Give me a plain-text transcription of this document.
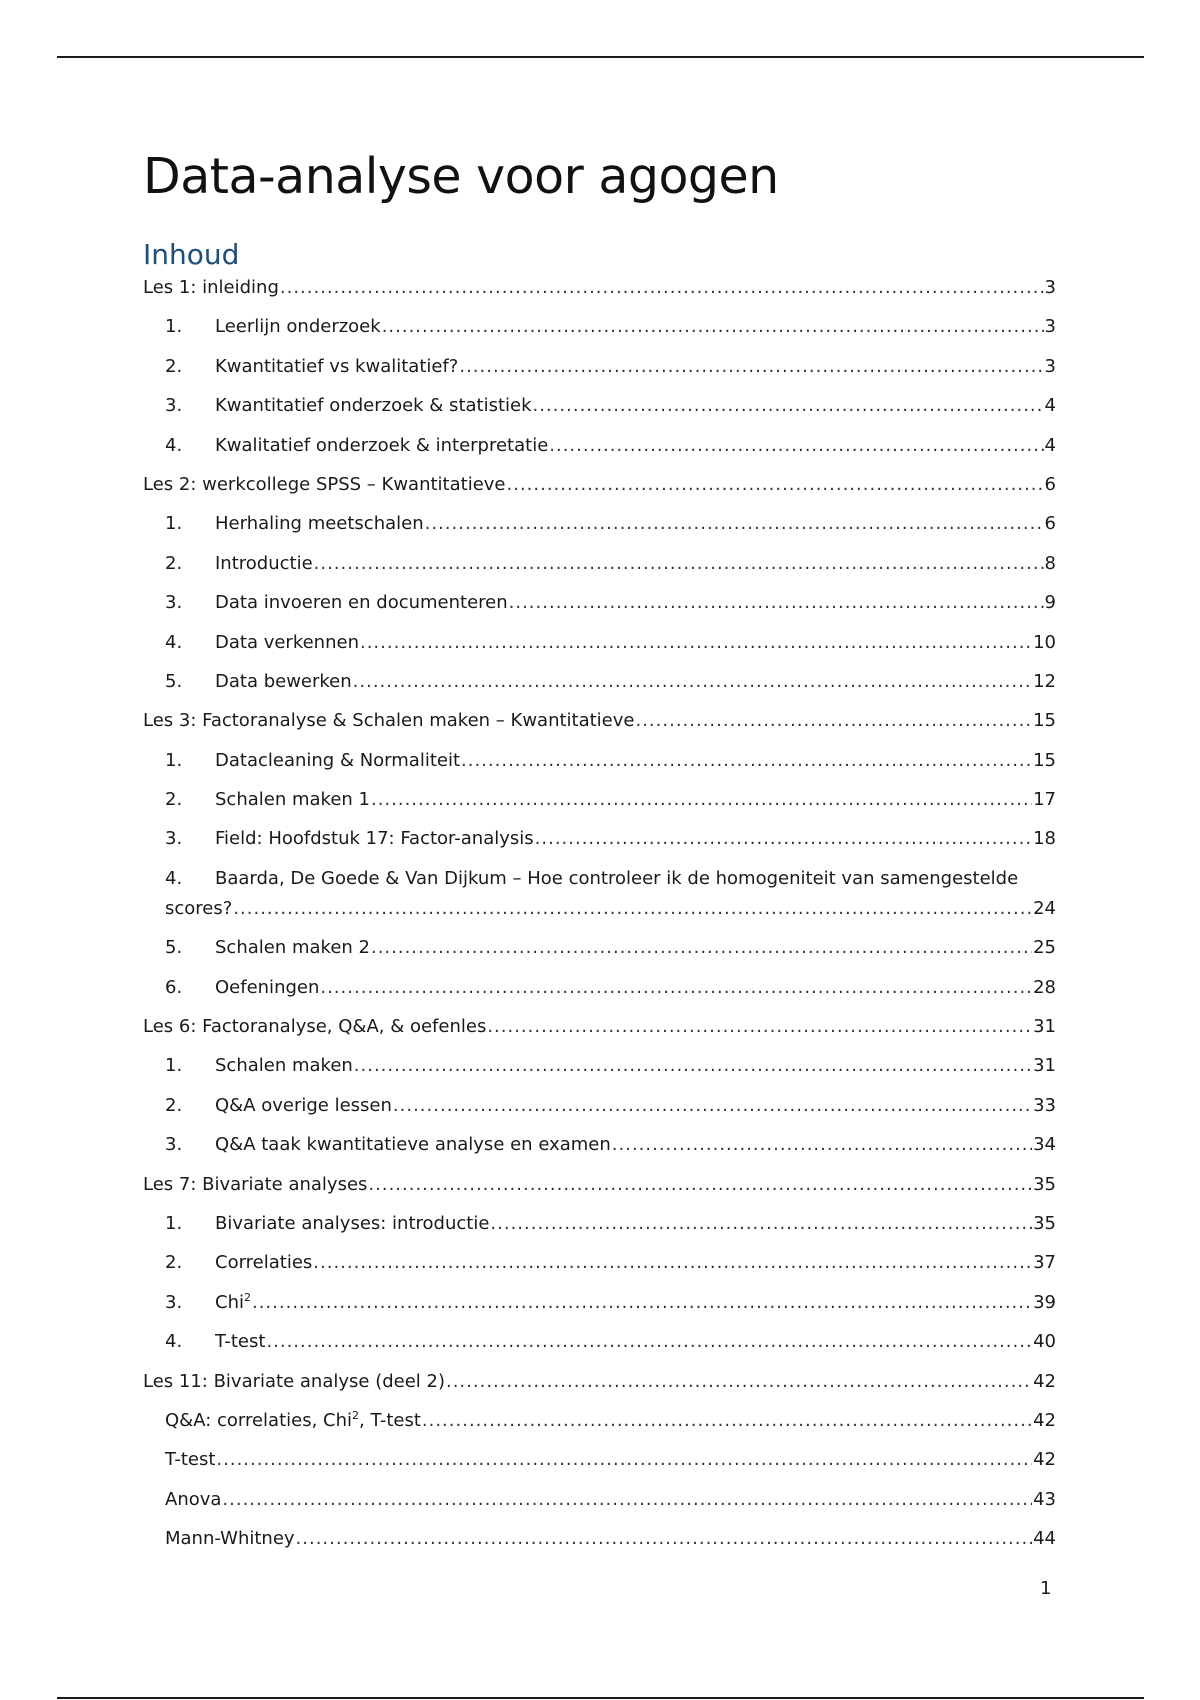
Data-analyse voor agogen
Inhoud
Les 1: inleiding .....	3
1.	Leerlijn onderzoek .....	3
2.	Kwantitatief vs kwalitatief? .....	3
3.	Kwantitatief onderzoek & statistiek .....	4
4.	Kwalitatief onderzoek & interpretatie .....	4
Les 2: werkcollege SPSS – Kwantitatieve .....	6
1.	Herhaling meetschalen .....	6
2.	Introductie .....	8
3.	Data invoeren en documenteren .....	9
4.	Data verkennen .....	10
5.	Data bewerken .....	12
Les 3: Factoranalyse & Schalen maken – Kwantitatieve .....	15
1.	Datacleaning & Normaliteit .....	15
2.	Schalen maken 1 .....	17
3.	Field: Hoofdstuk 17: Factor-analysis .....	18
4.	Baarda, De Goede & Van Dijkum – Hoe controleer ik de homogeniteit van samengestelde
scores? .....	24
5.	Schalen maken 2 .....	25
6.	Oefeningen .....	28
Les 6: Factoranalyse, Q&A, & oefenles .....	31
1.	Schalen maken .....	31
2.	Q&A overige lessen .....	33
3.	Q&A taak kwantitatieve analyse en examen .....	34
Les 7: Bivariate analyses .....	35
1.	Bivariate analyses: introductie .....	35
2.	Correlaties .....	37
3.	Chi$^2$ .....	39
4.	T-test .....	40
Les 11: Bivariate analyse (deel 2) .....	42
Q&A: correlaties, Chi$^2$, T-test .....	42
T-test .....	42
Anova .....	43
Mann-Whitney .....	44
1
